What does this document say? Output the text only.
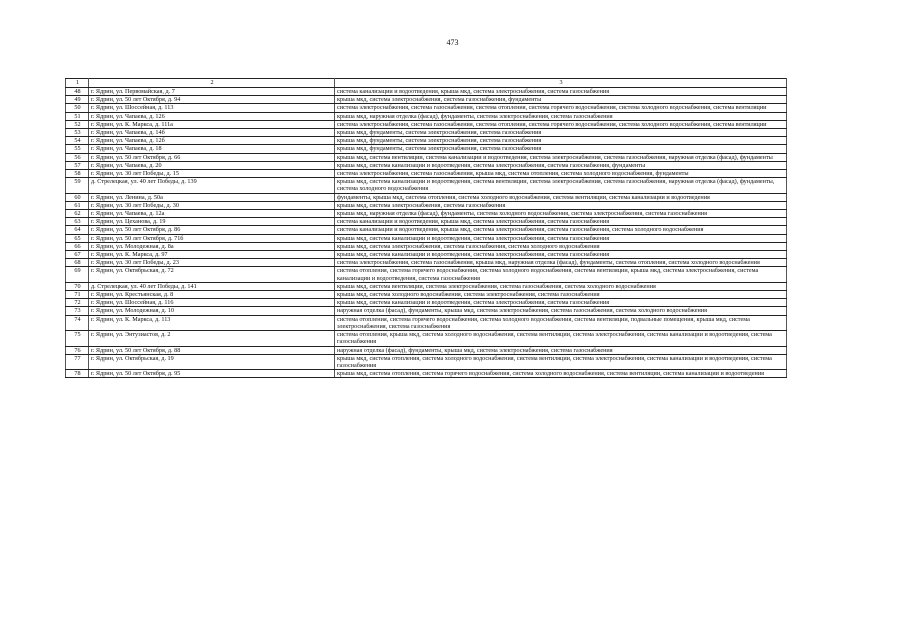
473
1	2	3
48	г. Ядрин, ул. Первомайская, д. 7	система канализации и водоотведения, крыша мкд, система электроснабжения, система газоснабжения
49	г. Ядрин, ул. 50 лет Октября, д. 94	крыша мкд, система электроснабжения, система газоснабжения, фундаменты
50	г. Ядрин, ул. Шоссейная, д. 113	система электроснабжения, система газоснабжения, система отопления, система горячего водоснабжения, система холодного водоснабжения, система вентиляции
51	г. Ядрин, ул. Чапаева, д. 126	крыша мкд, наружная отделка (фасад), фундаменты, система электроснабжения, система газоснабжения
52	г. Ядрин, ул. К. Маркса, д. 111а	система электроснабжения, система газоснабжения, система отопления, система горячего водоснабжения, система холодного водоснабжения, система вентиляции
53	г. Ядрин, ул. Чапаева, д. 14б	крыша мкд, фундаменты, система электроснабжения, система газоснабжения
54	г. Ядрин, ул. Чапаева, д. 12б	крыша мкд, фундаменты, система электроснабжения, система газоснабжения
55	г. Ядрин, ул. Чапаева, д. 18	крыша мкд, фундаменты, система электроснабжения, система газоснабжения
56	г. Ядрин, ул. 50 лет Октября, д. 66	крыша мкд, система вентиляции, система канализации и водоотведения, система электроснабжения, система газоснабжения, наружная отделка (фасад), фундаменты
57	г. Ядрин, ул. Чапаева, д. 20	крыша мкд, система канализации и водоотведения, система электроснабжения, система газоснабжения, фундаменты
58	г. Ядрин, ул. 30 лет Победы, д. 15	система электроснабжения, система газоснабжения, крыша мкд, система отопления, система холодного водоснабжения, фундаменты
59	д. Стрелецкая, ул. 40 лет Победы, д. 139	крыша мкд, система канализации и водоотведения, система вентиляции, система электроснабжения, система газоснабжения, наружная отделка (фасад), фундаменты, система холодного водоснабжения
60	г. Ядрин, ул. Ленина, д. 50а	фундаменты, крыша мкд, система отопления, система холодного водоснабжения, система вентиляции, система канализации и водоотведения
61	г. Ядрин, ул. 30 лет Победы, д. 30	крыша мкд, система электроснабжения, система газоснабжения
62	г. Ядрин, ул. Чапаева, д. 12а	крыша мкд, наружная отделка (фасад), фундаменты, система холодного водоснабжения, система электроснабжения, система газоснабжения
63	г. Ядрин, ул. Цеханова, д. 19	система канализации и водоотведения, крыша мкд, система электроснабжения, система газоснабжения
64	г. Ядрин, ул. 50 лет Октября, д. 86	система канализации и водоотведения, крыша мкд, система электроснабжения, система газоснабжения, система холодного водоснабжения
65	г. Ядрин, ул. 50 лет Октября, д. 71б	крыша мкд, система канализации и водоотведения, система электроснабжения, система газоснабжения
66	г. Ядрин, ул. Молодежная, д. 8а	крыша мкд, система электроснабжения, система газоснабжения, система холодного водоснабжения
67	г. Ядрин, ул. К. Маркса, д. 97	крыша мкд, система канализации и водоотведения, система электроснабжения, система газоснабжения
68	г. Ядрин, ул. 30 лет Победы, д. 23	система электроснабжения, система газоснабжения, крыша мкд, наружная отделка (фасад), фундаменты, система отопления, система холодного водоснабжения
69	г. Ядрин, ул. Октябрьская, д. 72	система отопления, система горячего водоснабжения, система холодного водоснабжения, система вентиляции, крыша мкд, система электроснабжения, система канализации и водоотведения, система газоснабжения
70	д. Стрелецкая, ул. 40 лет Победы, д. 141	крыша мкд, система вентиляции, система электроснабжения, система газоснабжения, система холодного водоснабжения
71	г. Ядрин, ул. Крестьянская, д. 8	крыша мкд, система холодного водоснабжения, система электроснабжения, система газоснабжения
72	г. Ядрин, ул. Шоссейная, д. 116	крыша мкд, система канализации и водоотведения, система электроснабжения, система газоснабжения
73	г. Ядрин, ул. Молодежная, д. 10	наружная отделка (фасад), фундаменты, крыша мкд, система электроснабжения, система газоснабжения, система холодного водоснабжения
74	г. Ядрин, ул. К. Маркса, д. 113	система отопления, система горячего водоснабжения, система холодного водоснабжения, система вентиляции, подвальные помещения, крыша мкд, система электроснабжения, система газоснабжения
75	г. Ядрин, ул. Энтузиастов, д. 2	система отопления, крыша мкд, система холодного водоснабжения, система вентиляции, система электроснабжения, система канализации и водоотведения, система газоснабжения
76	г. Ядрин, ул. 50 лет Октября, д. 88	наружная отделка (фасад), фундаменты, крыша мкд, система электроснабжения, система газоснабжения
77	г. Ядрин, ул. Октябрьская, д. 19	крыша мкд, система отопления, система холодного водоснабжения, система вентиляции, система электроснабжения, система канализации и водоотведения, система газоснабжения
78	г. Ядрин, ул. 50 лет Октября, д. 95	крыша мкд, система отопления, система горячего водоснабжения, система холодного водоснабжения, система вентиляции, система канализации и водоотведения
